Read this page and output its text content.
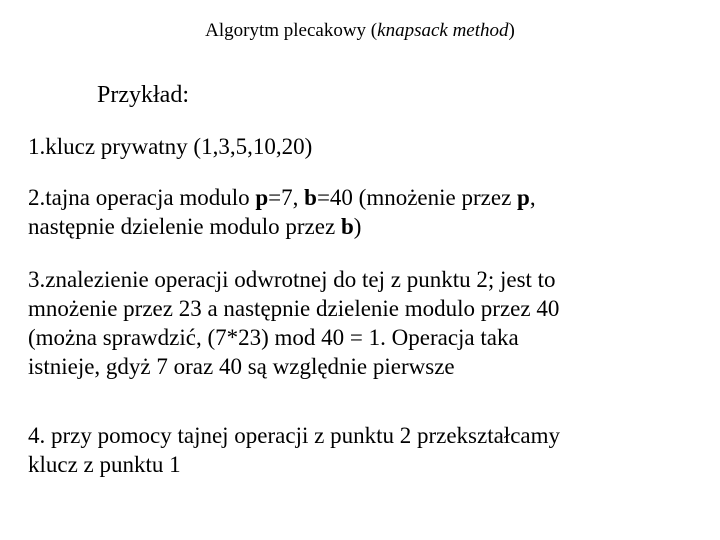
Algorytm plecakowy (knapsack method)
Przykład:
1.klucz prywatny (1,3,5,10,20)
2.tajna operacja modulo p=7, b=40 (mnożenie przez p,
następnie dzielenie modulo przez b)
3.znalezienie operacji odwrotnej do tej z punktu 2; jest to
mnożenie przez 23 a następnie dzielenie modulo przez 40
(można sprawdzić, (7*23) mod 40 = 1. Operacja taka
istnieje, gdyż 7 oraz 40 są względnie pierwsze
4. przy pomocy tajnej operacji z punktu 2 przekształcamy
klucz z punktu 1
